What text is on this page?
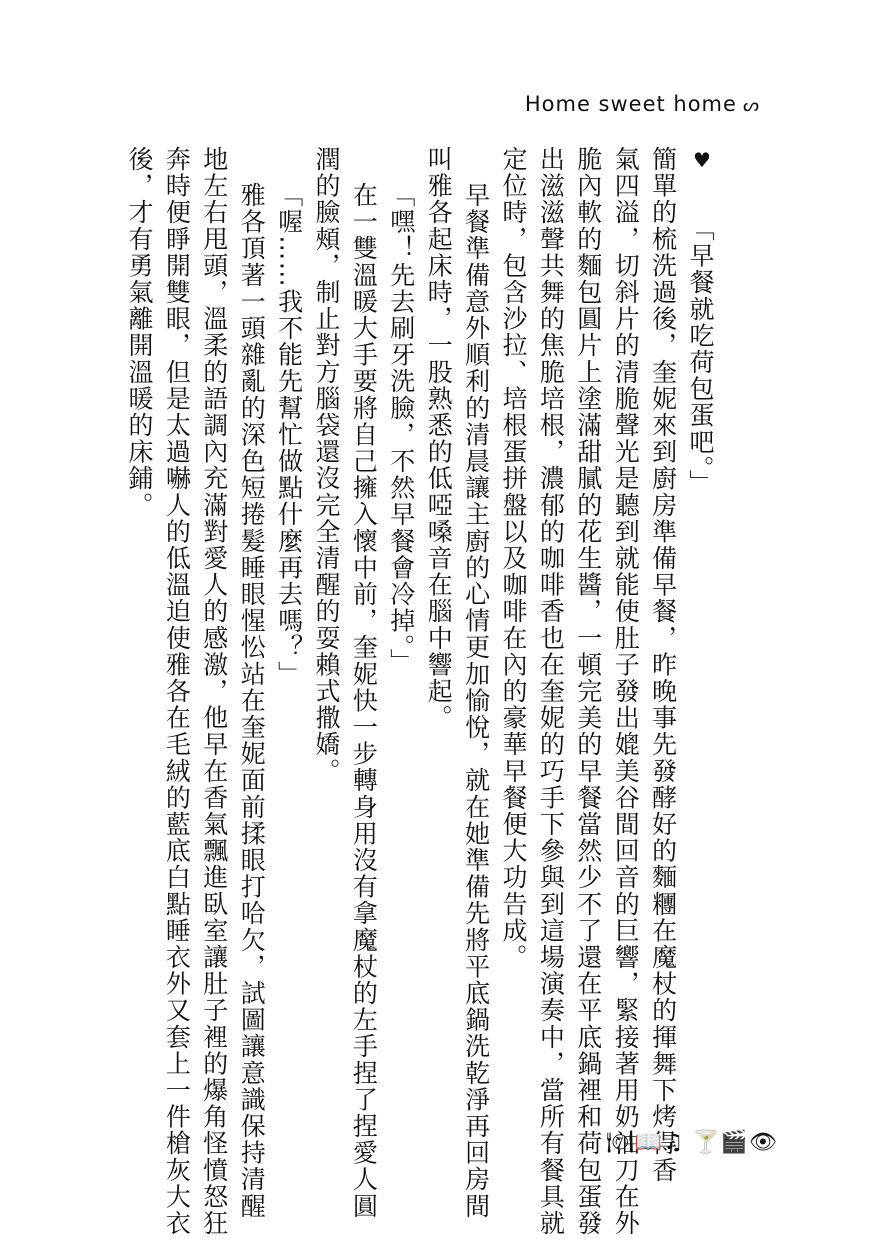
Home sweet home ᔕ
♥
「早餐就吃荷包蛋吧。」
簡單的梳洗過後，奎妮來到廚房準備早餐，昨晚事先發酵好的麵糰在魔杖的揮舞下烤得香
氣四溢，切斜片的清脆聲光是聽到就能使肚子發出媲美谷間回音的巨響，緊接著用奶油刀在外
脆內軟的麵包圓片上塗滿甜膩的花生醬，一頓完美的早餐當然少不了還在平底鍋裡和荷包蛋發
出滋滋聲共舞的焦脆培根，濃郁的咖啡香也在奎妮的巧手下參與到這場演奏中，當所有餐具就
定位時，包含沙拉、培根蛋拼盤以及咖啡在內的豪華早餐便大功告成。
早餐準備意外順利的清晨讓主廚的心情更加愉悅，就在她準備先將平底鍋洗乾淨再回房間
叫雅各起床時，一股熟悉的低啞嗓音在腦中響起。
「嘿！先去刷牙洗臉，不然早餐會冷掉。」
在一雙溫暖大手要將自己擁入懷中前，奎妮快一步轉身用沒有拿魔杖的左手捏了捏愛人圓
潤的臉頰，制止對方腦袋還沒完全清醒的耍賴式撒嬌。
「喔……我不能先幫忙做點什麼再去嗎？」
雅各頂著一頭雜亂的深色短捲髮睡眼惺忪站在奎妮面前揉眼打哈欠，試圖讓意識保持清醒
地左右甩頭，溫柔的語調內充滿對愛人的感激，他早在香氣飄進臥室讓肚子裡的爆角怪憤怒狂
奔時便睜開雙眼，但是太過嚇人的低溫迫使雅各在毛絨的藍底白點睡衣外又套上一件槍灰大衣
後，才有勇氣離開溫暖的床鋪。
🍽📖♫ 🍸🎬👁
